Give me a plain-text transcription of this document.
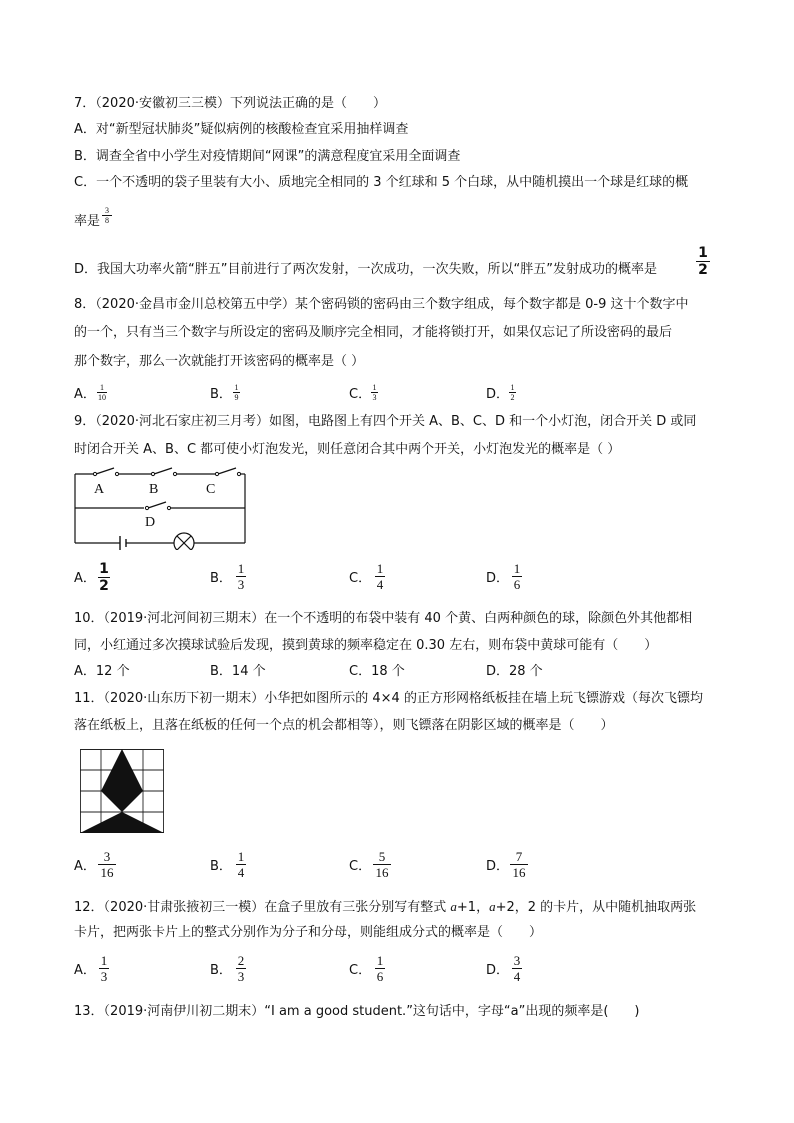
7．（2020·安徽初三三模）下列说法正确的是（　　）
A．对“新型冠状肺炎”疑似病例的核酸检查宜采用抽样调查
B．调查全省中小学生对疫情期间“网课”的满意程度宜采用全面调查
C．一个不透明的袋子里装有大小、质地完全相同的 3 个红球和 5 个白球，从中随机摸出一个球是红球的概
率是
3
8
D．我国大功率火箭“胖五”目前进行了两次发射，一次成功，一次失败，所以“胖五”发射成功的概率是
1
2
8．（2020·金昌市金川总校第五中学）某个密码锁的密码由三个数字组成，每个数字都是 0-9 这十个数字中
的一个，只有当三个数字与所设定的密码及顺序完全相同，才能将锁打开，如果仅忘记了所设密码的最后
那个数字，那么一次就能打开该密码的概率是（ ）
A． 1
10	B． 1
9	C． 1
3	D． 1
2
9．（2020·河北石家庄初三月考）如图，电路图上有四个开关 A、B、C、D 和一个小灯泡，闭合开关 D 或同
时闭合开关 A、B、C 都可使小灯泡发光，则任意闭合其中两个开关，小灯泡发光的概率是（ ）
A	B	C
D
A．
1
2	B．
1
3	C．
1
4	D．
1
6
10．（2019·河北河间初三期末）在一个不透明的布袋中装有 40 个黄、白两种颜色的球，除颜色外其他都相
同，小红通过多次摸球试验后发现，摸到黄球的频率稳定在 0.30 左右，则布袋中黄球可能有（　　）
A．12 个	B．14 个	C．18 个	D．28 个
11．（2020·山东历下初一期末）小华把如图所示的 4×4 的正方形网格纸板挂在墙上玩飞镖游戏（每次飞镖均
落在纸板上，且落在纸板的任何一个点的机会都相等），则飞镖落在阴影区域的概率是（　　）
A．
3
16	B．
1
4	C．
5
16	D．
7
16
12．（2020·甘肃张掖初三一模）在盒子里放有三张分别写有整式 a+1，a+2，2 的卡片，从中随机抽取两张
卡片，把两张卡片上的整式分别作为分子和分母，则能组成分式的概率是（　　）
A．
1
3	B．
2
3	C．
1
6	D．
3
4
13．（2019·河南伊川初二期末）“I am a good student.”这句话中，字母“a”出现的频率是(　　)
